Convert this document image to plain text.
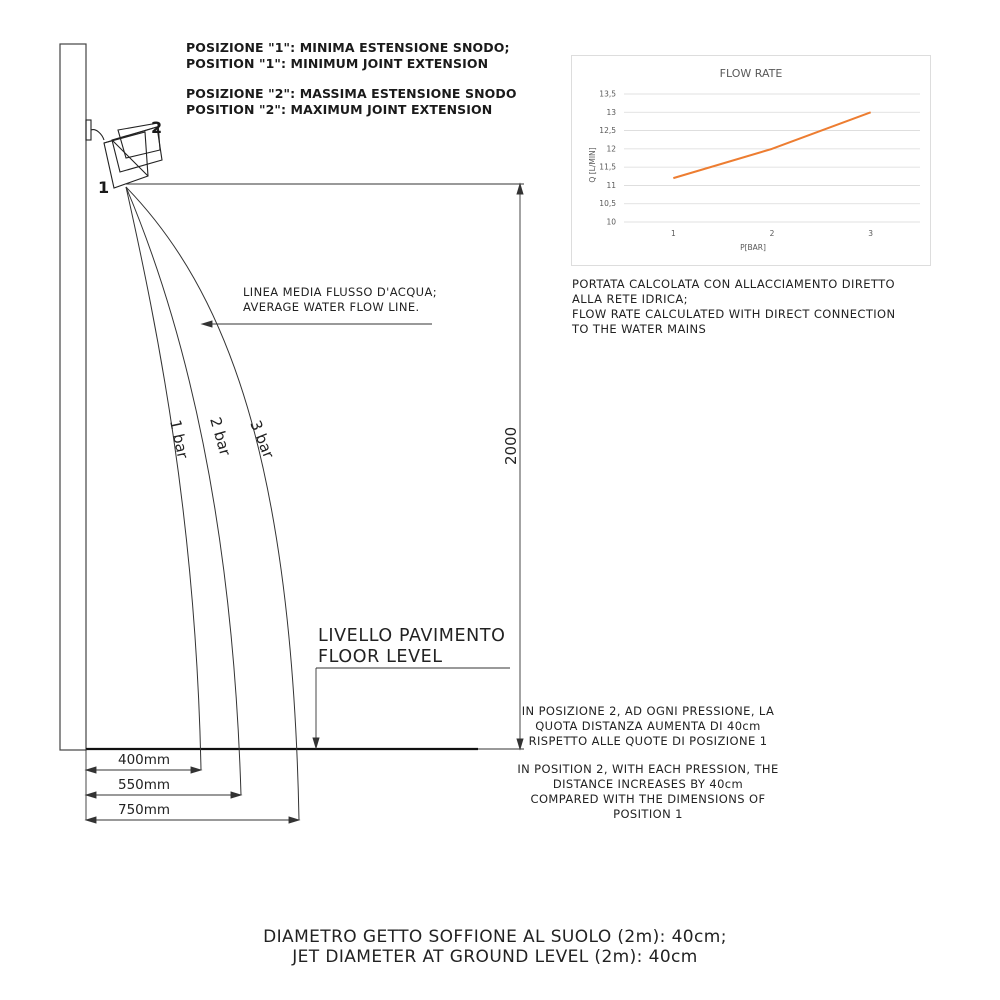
POSIZIONE "1": MINIMA ESTENSIONE SNODO;
POSITION "1": MINIMUM JOINT EXTENSION
POSIZIONE "2": MASSIMA ESTENSIONE SNODO
POSITION "2": MAXIMUM JOINT EXTENSION
1 bar 2 bar 3 bar	2000
1
2
LINEA MEDIA FLUSSO D'ACQUA;
AVERAGE WATER FLOW LINE.
LIVELLO PAVIMENTO
FLOOR LEVEL
400mm
550mm
750mm
IN POSIZIONE 2, AD OGNI PRESSIONE, LA
QUOTA DISTANZA AUMENTA DI 40cm
RISPETTO ALLE QUOTE DI POSIZIONE 1
IN POSITION 2, WITH EACH PRESSION, THE
DISTANCE INCREASES BY 40cm
COMPARED WITH THE DIMENSIONS OF
POSITION 1
FLOW RATE
10
10,5
11
11,5
12
12,5
13
13,5
1	2	3
P[BAR]
Q [L/MIN]
PORTATA CALCOLATA CON ALLACCIAMENTO DIRETTO
ALLA RETE IDRICA;
FLOW RATE CALCULATED WITH DIRECT CONNECTION
TO THE WATER MAINS
DIAMETRO GETTO SOFFIONE AL SUOLO (2m): 40cm;
JET DIAMETER AT GROUND LEVEL (2m): 40cm
